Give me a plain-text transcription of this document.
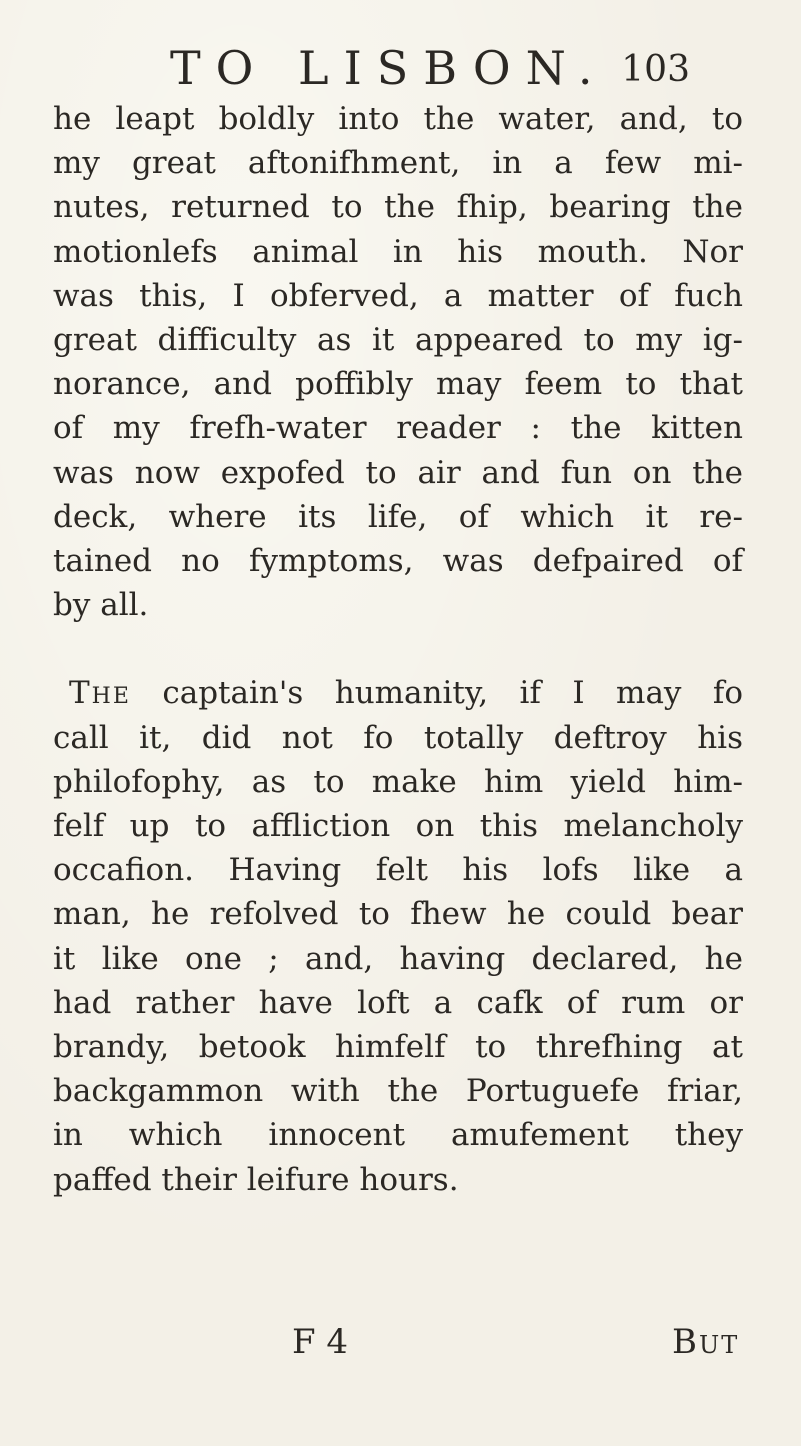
TO LISBON. 103
he leapt boldly into the water, and, to
my great aftonifhment, in a few mi-
nutes, returned to the fhip, bearing the
motionlefs animal in his mouth. Nor
was this, I obferved, a matter of fuch
great difficulty as it appeared to my ig-
norance, and poffibly may feem to that
of my frefh-water reader : the kitten
was now expofed to air and fun on the
deck, where its life, of which it re-
tained no fymptoms, was defpaired of
by all.
The captain's humanity, if I may fo
call it, did not fo totally deftroy his
philofophy, as to make him yield him-
felf up to affliction on this melancholy
occafion. Having felt his lofs like a
man, he refolved to fhew he could bear
it like one ; and, having declared, he
had rather have loft a cafk of rum or
brandy, betook himfelf to threfhing at
backgammon with the Portuguefe friar,
in which innocent amufement they
paffed their leifure hours.
F 4	But
